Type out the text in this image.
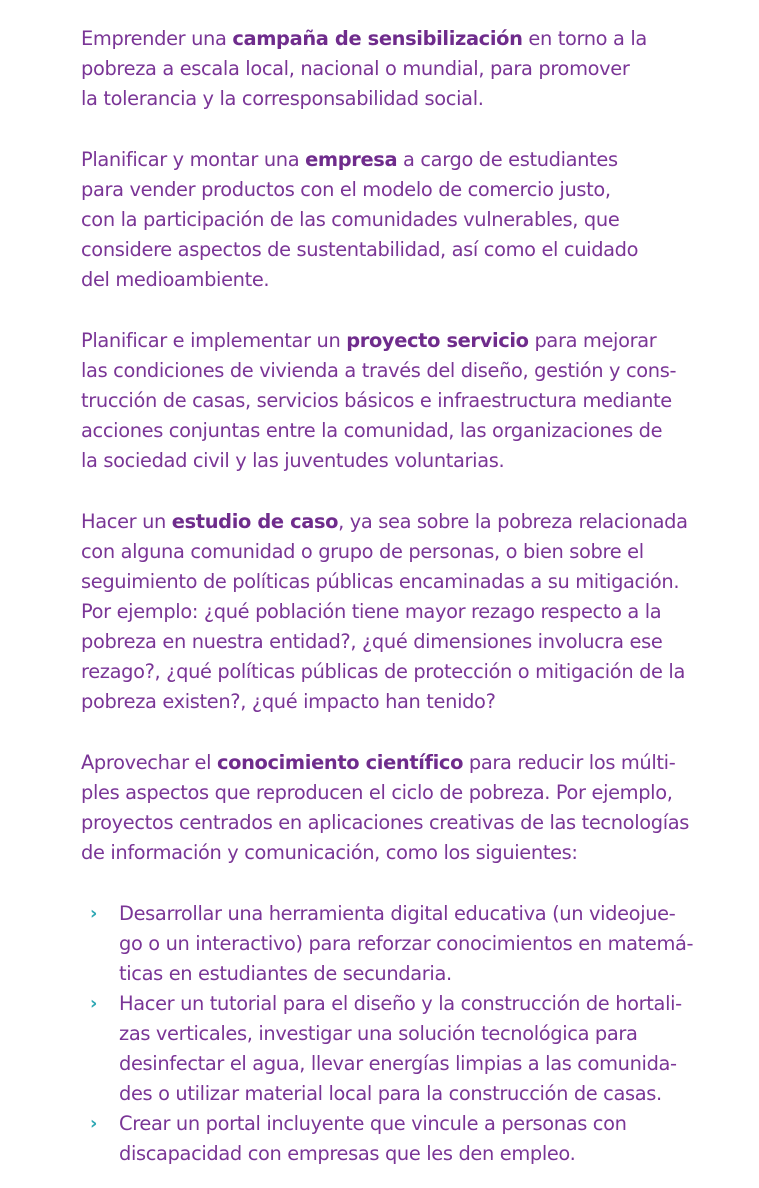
Emprender una campaña de sensibilización en torno a la
pobreza a escala local, nacional o mundial, para promover
la tolerancia y la corresponsabilidad social.

Planificar y montar una empresa a cargo de estudiantes
para vender productos con el modelo de comercio justo,
con la participación de las comunidades vulnerables, que
considere aspectos de sustentabilidad, así como el cuidado
del medioambiente.

Planificar e implementar un proyecto servicio para mejorar
las condiciones de vivienda a través del diseño, gestión y cons-
trucción de casas, servicios básicos e infraestructura mediante
acciones conjuntas entre la comunidad, las organizaciones de
la sociedad civil y las juventudes voluntarias.

Hacer un estudio de caso, ya sea sobre la pobreza relacionada
con alguna comunidad o grupo de personas, o bien sobre el
seguimiento de políticas públicas encaminadas a su mitigación.
Por ejemplo: ¿qué población tiene mayor rezago respecto a la
pobreza en nuestra entidad?, ¿qué dimensiones involucra ese
rezago?, ¿qué políticas públicas de protección o mitigación de la
pobreza existen?, ¿qué impacto han tenido?

Aprovechar el conocimiento científico para reducir los múlti-
ples aspectos que reproducen el ciclo de pobreza. Por ejemplo,
proyectos centrados en aplicaciones creativas de las tecnologías
de información y comunicación, como los siguientes:

› Desarrollar una herramienta digital educativa (un videojue-
go o un interactivo) para reforzar conocimientos en matemá-
ticas en estudiantes de secundaria.
› Hacer un tutorial para el diseño y la construcción de hortali-
zas verticales, investigar una solución tecnológica para
desinfectar el agua, llevar energías limpias a las comunida-
des o utilizar material local para la construcción de casas.
› Crear un portal incluyente que vincule a personas con
discapacidad con empresas que les den empleo.
